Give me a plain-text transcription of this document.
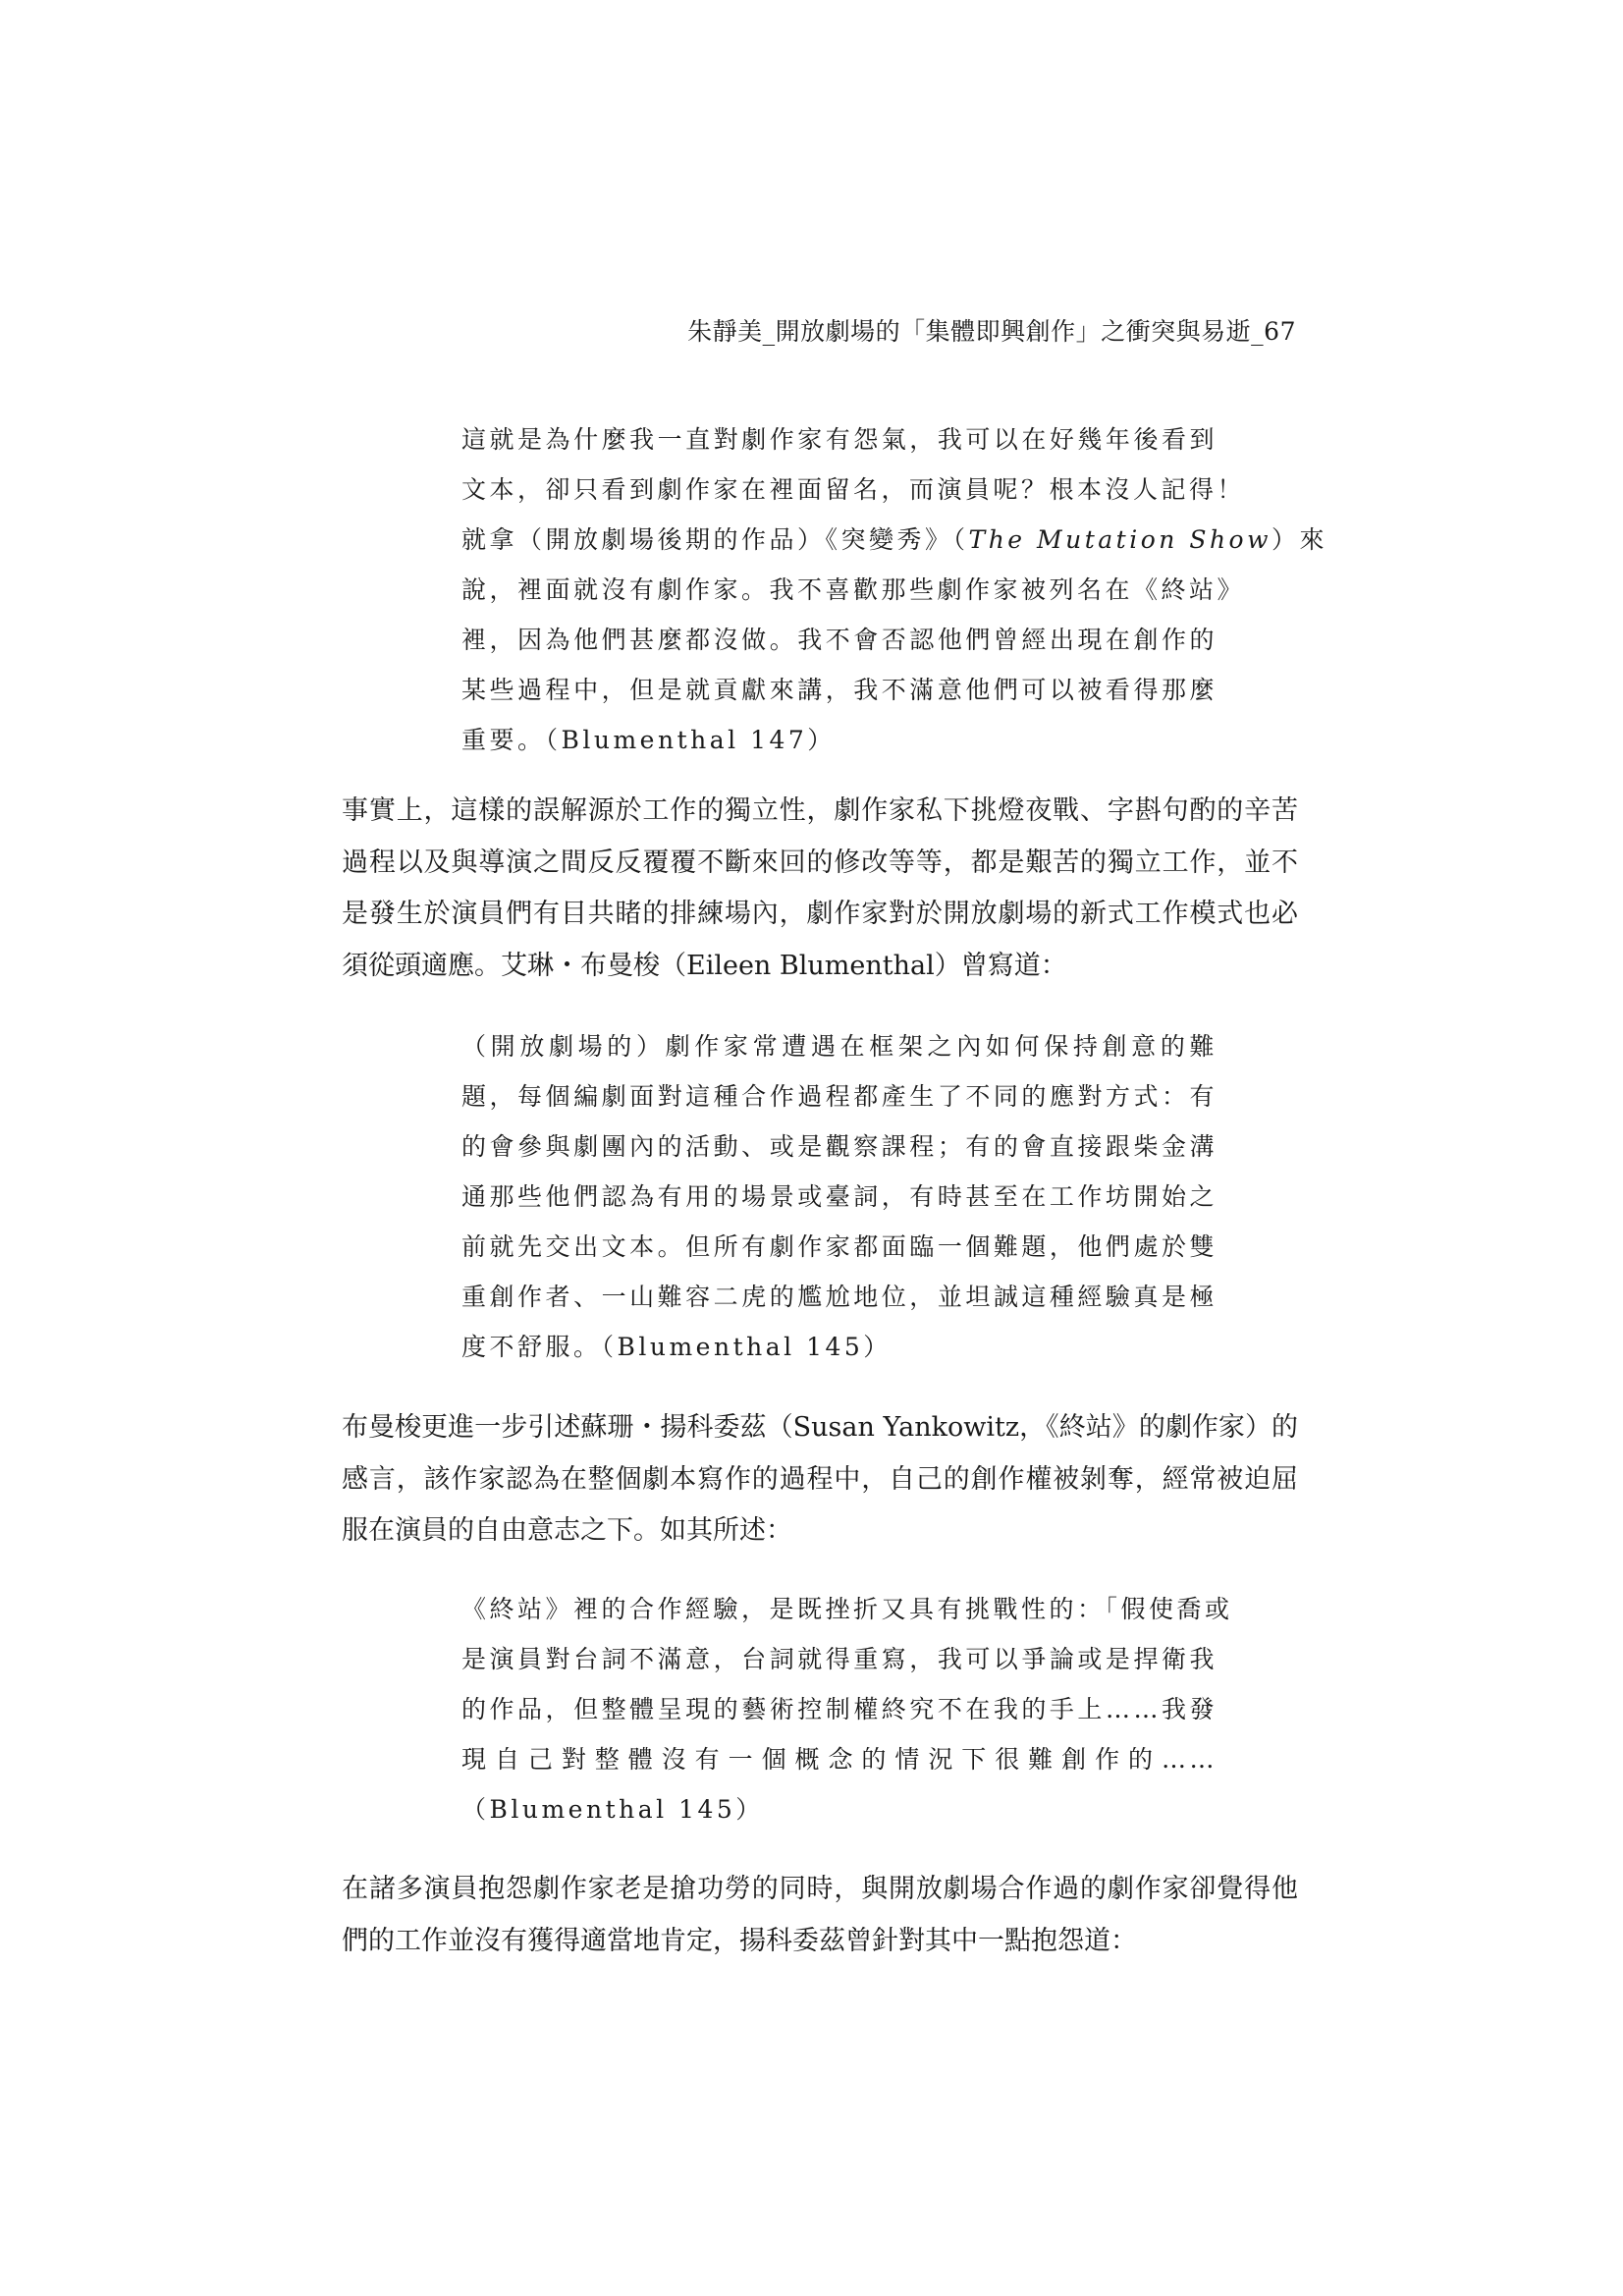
朱靜美_開放劇場的「集體即興創作」之衝突與易逝_67
這就是為什麼我一直對劇作家有怨氣，我可以在好幾年後看到
文本，卻只看到劇作家在裡面留名，而演員呢？根本沒人記得！
就拿（開放劇場後期的作品）《突變秀》（The Mutation Show）來
說，裡面就沒有劇作家。我不喜歡那些劇作家被列名在《終站》
裡，因為他們甚麼都沒做。我不會否認他們曾經出現在創作的
某些過程中，但是就貢獻來講，我不滿意他們可以被看得那麼
重要。（Blumenthal 147）
事實上，這樣的誤解源於工作的獨立性，劇作家私下挑燈夜戰、字斟句酌的辛苦
過程以及與導演之間反反覆覆不斷來回的修改等等，都是艱苦的獨立工作，並不
是發生於演員們有目共睹的排練場內，劇作家對於開放劇場的新式工作模式也必
須從頭適應。艾琳・布曼梭（Eileen Blumenthal）曾寫道：
（開放劇場的）劇作家常遭遇在框架之內如何保持創意的難
題，每個編劇面對這種合作過程都產生了不同的應對方式：有
的會參與劇團內的活動、或是觀察課程；有的會直接跟柴金溝
通那些他們認為有用的場景或臺詞，有時甚至在工作坊開始之
前就先交出文本。但所有劇作家都面臨一個難題，他們處於雙
重創作者、一山難容二虎的尷尬地位，並坦誠這種經驗真是極
度不舒服。（Blumenthal 145）
布曼梭更進一步引述蘇珊・揚科委茲（Susan Yankowitz，《終站》的劇作家）的
感言，該作家認為在整個劇本寫作的過程中，自己的創作權被剝奪，經常被迫屈
服在演員的自由意志之下。如其所述：
《終站》裡的合作經驗，是既挫折又具有挑戰性的：「假使喬或
是演員對台詞不滿意，台詞就得重寫，我可以爭論或是捍衛我
的作品，但整體呈現的藝術控制權終究不在我的手上……我發
現自己對整體沒有一個概念的情況下很難創作的……
（Blumenthal 145）
在諸多演員抱怨劇作家老是搶功勞的同時，與開放劇場合作過的劇作家卻覺得他
們的工作並沒有獲得適當地肯定，揚科委茲曾針對其中一點抱怨道：
